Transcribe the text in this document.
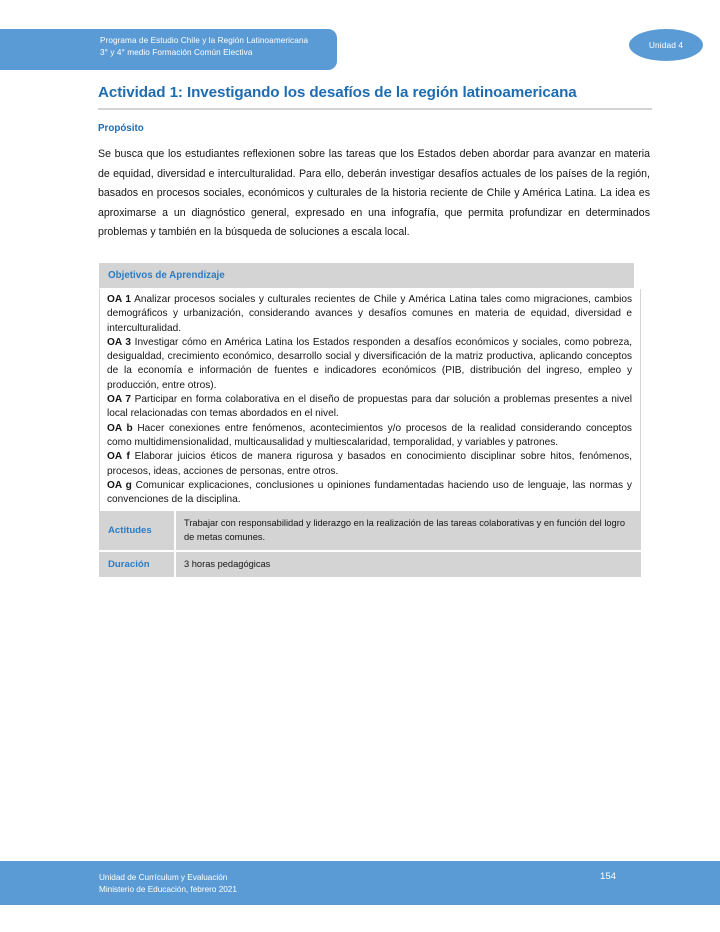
Programa de Estudio Chile y la Región Latinoamericana
3° y 4° medio Formación Común Electiva
Unidad 4
Actividad 1: Investigando los desafíos de la región latinoamericana
Propósito
Se busca que los estudiantes reflexionen sobre las tareas que los Estados deben abordar para avanzar en materia de equidad, diversidad e interculturalidad. Para ello, deberán investigar desafíos actuales de los países de la región, basados en procesos sociales, económicos y culturales de la historia reciente de Chile y América Latina. La idea es aproximarse a un diagnóstico general, expresado en una infografía, que permita profundizar en determinados problemas y también en la búsqueda de soluciones a escala local.
Objetivos de Aprendizaje

OA 1 Analizar procesos sociales y culturales recientes de Chile y América Latina tales como migraciones, cambios demográficos y urbanización, considerando avances y desafíos comunes en materia de equidad, diversidad e interculturalidad.

OA 3 Investigar cómo en América Latina los Estados responden a desafíos económicos y sociales, como pobreza, desigualdad, crecimiento económico, desarrollo social y diversificación de la matriz productiva, aplicando conceptos de la economía e información de fuentes e indicadores económicos (PIB, distribución del ingreso, empleo y producción, entre otros).

OA 7 Participar en forma colaborativa en el diseño de propuestas para dar solución a problemas presentes a nivel local relacionadas con temas abordados en el nivel.

OA b Hacer conexiones entre fenómenos, acontecimientos y/o procesos de la realidad considerando conceptos como multidimensionalidad, multicausalidad y multiescalaridad, temporalidad, y variables y patrones.

OA f Elaborar juicios éticos de manera rigurosa y basados en conocimiento disciplinar sobre hitos, fenómenos, procesos, ideas, acciones de personas, entre otros.

OA g Comunicar explicaciones, conclusiones u opiniones fundamentadas haciendo uso de lenguaje, las normas y convenciones de la disciplina.

Actitudes	Trabajar con responsabilidad y liderazgo en la realización de las tareas colaborativas y en función del logro de metas comunes.
Duración	3 horas pedagógicas
Unidad de Currículum y Evaluación
Ministerio de Educación, febrero 2021
154
